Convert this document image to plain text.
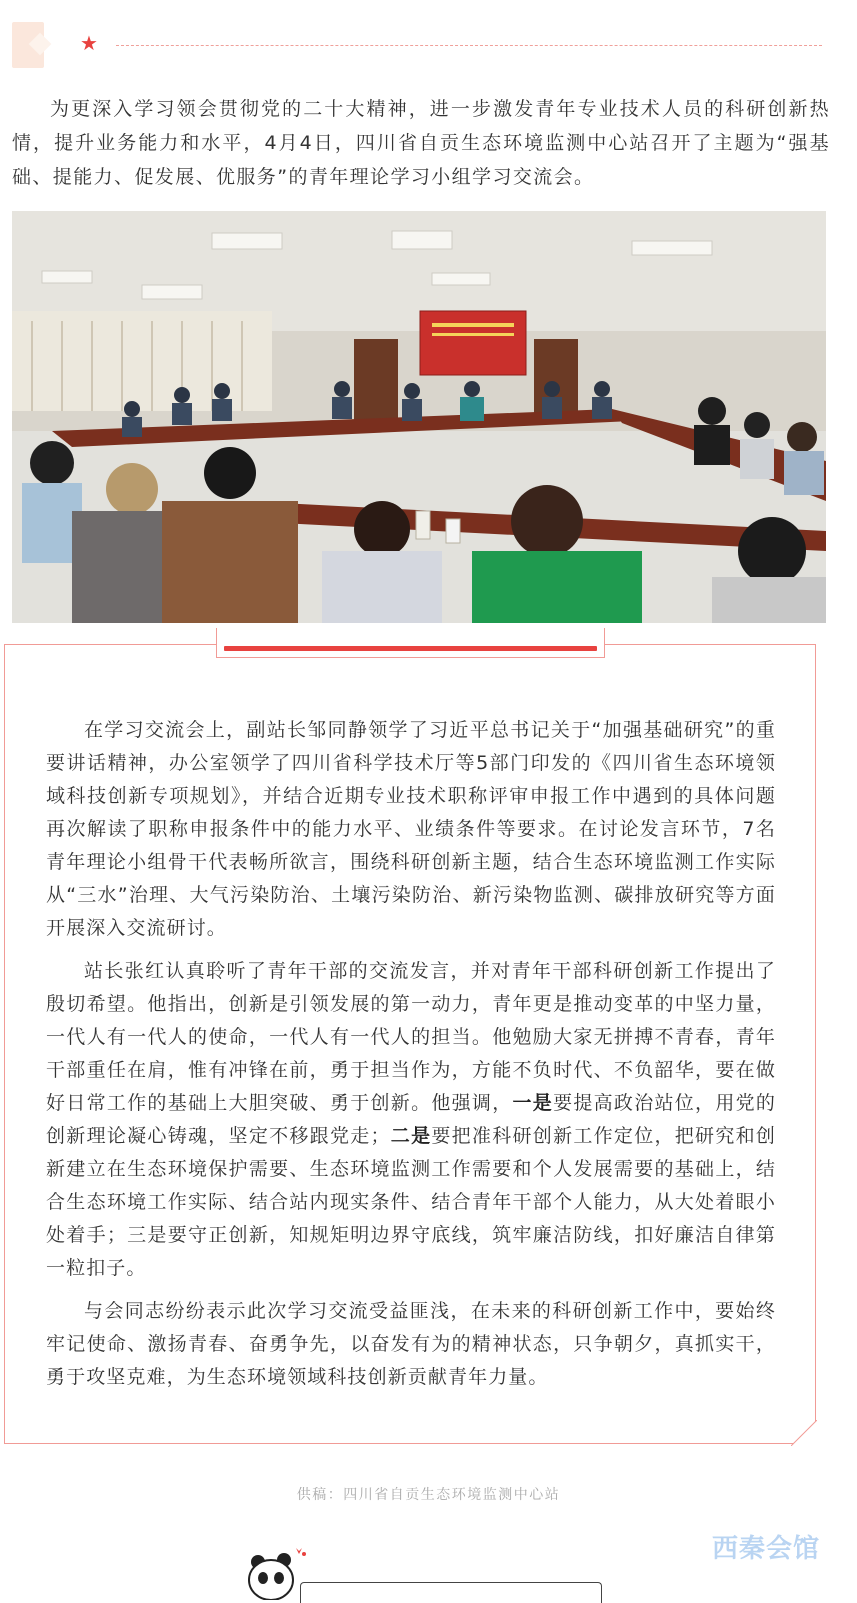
★

为更深入学习领会贯彻党的二十大精神，进一步激发青年专业技术人员的科研创新热情，提升业务能力和水平，4月4日，四川省自贡生态环境监测中心站召开了主题为“强基础、提能力、促发展、优服务”的青年理论学习小组学习交流会。

在学习交流会上，副站长邹同静领学了习近平总书记关于“加强基础研究”的重要讲话精神，办公室领学了四川省科学技术厅等5部门印发的《四川省生态环境领域科技创新专项规划》，并结合近期专业技术职称评审申报工作中遇到的具体问题再次解读了职称申报条件中的能力水平、业绩条件等要求。在讨论发言环节，7名青年理论小组骨干代表畅所欲言，围绕科研创新主题，结合生态环境监测工作实际从“三水”治理、大气污染防治、土壤污染防治、新污染物监测、碳排放研究等方面开展深入交流研讨。

站长张红认真聆听了青年干部的交流发言，并对青年干部科研创新工作提出了殷切希望。他指出，创新是引领发展的第一动力，青年更是推动变革的中坚力量，一代人有一代人的使命，一代人有一代人的担当。他勉励大家无拼搏不青春，青年干部重任在肩，惟有冲锋在前，勇于担当作为，方能不负时代、不负韶华，要在做好日常工作的基础上大胆突破、勇于创新。他强调，一是要提高政治站位，用党的创新理论凝心铸魂，坚定不移跟党走；二是要把准科研创新工作定位，把研究和创新建立在生态环境保护需要、生态环境监测工作需要和个人发展需要的基础上，结合生态环境工作实际、结合站内现实条件、结合青年干部个人能力，从大处着眼小处着手；三是要守正创新，知规矩明边界守底线，筑牢廉洁防线，扣好廉洁自律第一粒扣子。

与会同志纷纷表示此次学习交流受益匪浅，在未来的科研创新工作中，要始终牢记使命、激扬青春、奋勇争先，以奋发有为的精神状态，只争朝夕，真抓实干，勇于攻坚克难，为生态环境领域科技创新贡献青年力量。

供稿：四川省自贡生态环境监测中心站
西秦会馆
